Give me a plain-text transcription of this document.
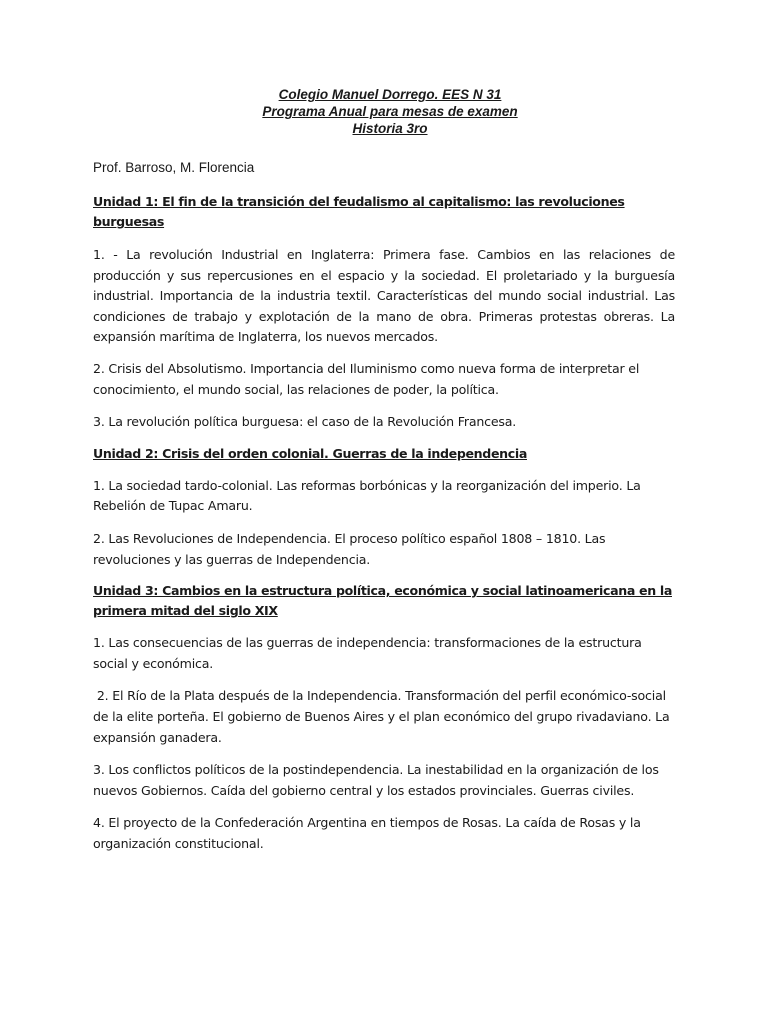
Colegio Manuel Dorrego. EES N 31
Programa Anual para mesas de examen
Historia 3ro
Prof. Barroso, M. Florencia
Unidad 1: El fin de la transición del feudalismo al capitalismo: las revoluciones burguesas
1. - La revolución Industrial en Inglaterra: Primera fase. Cambios en las relaciones de producción y sus repercusiones en el espacio y la sociedad. El proletariado y la burguesía industrial. Importancia de la industria textil. Características del mundo social industrial. Las condiciones de trabajo y explotación de la mano de obra. Primeras protestas obreras. La expansión marítima de Inglaterra, los nuevos mercados.
2. Crisis del Absolutismo. Importancia del Iluminismo como nueva forma de interpretar el conocimiento, el mundo social, las relaciones de poder, la política.
3. La revolución política burguesa: el caso de la Revolución Francesa.
Unidad 2: Crisis del orden colonial. Guerras de la independencia
1. La sociedad tardo-colonial. Las reformas borbónicas y la reorganización del imperio. La Rebelión de Tupac Amaru.
2. Las Revoluciones de Independencia. El proceso político español 1808 – 1810. Las revoluciones y las guerras de Independencia.
Unidad 3: Cambios en la estructura política, económica y social latinoamericana en la primera mitad del siglo XIX
1. Las consecuencias de las guerras de independencia: transformaciones de la estructura social y económica.
2. El Río de la Plata después de la Independencia. Transformación del perfil económico-social de la elite porteña. El gobierno de Buenos Aires y el plan económico del grupo rivadaviano. La expansión ganadera.
3. Los conflictos políticos de la postindependencia. La inestabilidad en la organización de los nuevos Gobiernos. Caída del gobierno central y los estados provinciales. Guerras civiles.
4. El proyecto de la Confederación Argentina en tiempos de Rosas. La caída de Rosas y la organización constitucional.
